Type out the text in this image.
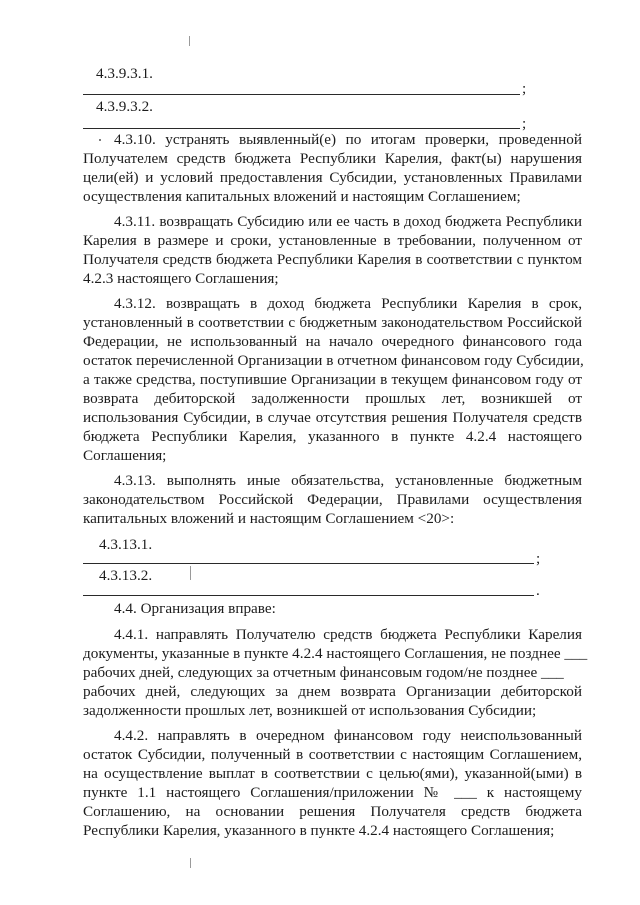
4.3.9.3.1.
;
4.3.9.3.2.
;
4.3.10. устранять выявленный(е) по итогам проверки, проведенной
Получателем средств бюджета Республики Карелия, факт(ы) нарушения
цели(ей) и условий предоставления Субсидии, установленных Правилами
осуществления капитальных вложений и настоящим Соглашением;
4.3.11. возвращать Субсидию или ее часть в доход бюджета Республики
Карелия в размере и сроки, установленные в требовании, полученном от
Получателя средств бюджета Республики Карелия в соответствии с пунктом
4.2.3 настоящего Соглашения;
4.3.12. возвращать в доход бюджета Республики Карелия в срок,
установленный в соответствии с бюджетным законодательством Российской
Федерации, не использованный на начало очередного финансового года
остаток перечисленной Организации в отчетном финансовом году Субсидии,
а также средства, поступившие Организации в текущем финансовом году от
возврата дебиторской задолженности прошлых лет, возникшей от
использования Субсидии, в случае отсутствия решения Получателя средств
бюджета Республики Карелия, указанного в пункте 4.2.4 настоящего
Соглашения;
4.3.13. выполнять иные обязательства, установленные бюджетным
законодательством Российской Федерации, Правилами осуществления
капитальных вложений и настоящим Соглашением <20>:
4.3.13.1.
;
4.3.13.2.
.
4.4. Организация вправе:
4.4.1. направлять Получателю средств бюджета Республики Карелия
документы, указанные в пункте 4.2.4 настоящего Соглашения, не позднее ___
рабочих дней, следующих за отчетным финансовым годом/не позднее ___
рабочих дней, следующих за днем возврата Организации дебиторской
задолженности прошлых лет, возникшей от использования Субсидии;
4.4.2. направлять в очередном финансовом году неиспользованный
остаток Субсидии, полученный в соответствии с настоящим Соглашением,
на осуществление выплат в соответствии с целью(ями), указанной(ыми) в
пункте 1.1 настоящего Соглашения/приложении № ___ к настоящему
Соглашению, на основании решения Получателя средств бюджета
Республики Карелия, указанного в пункте 4.2.4 настоящего Соглашения;
